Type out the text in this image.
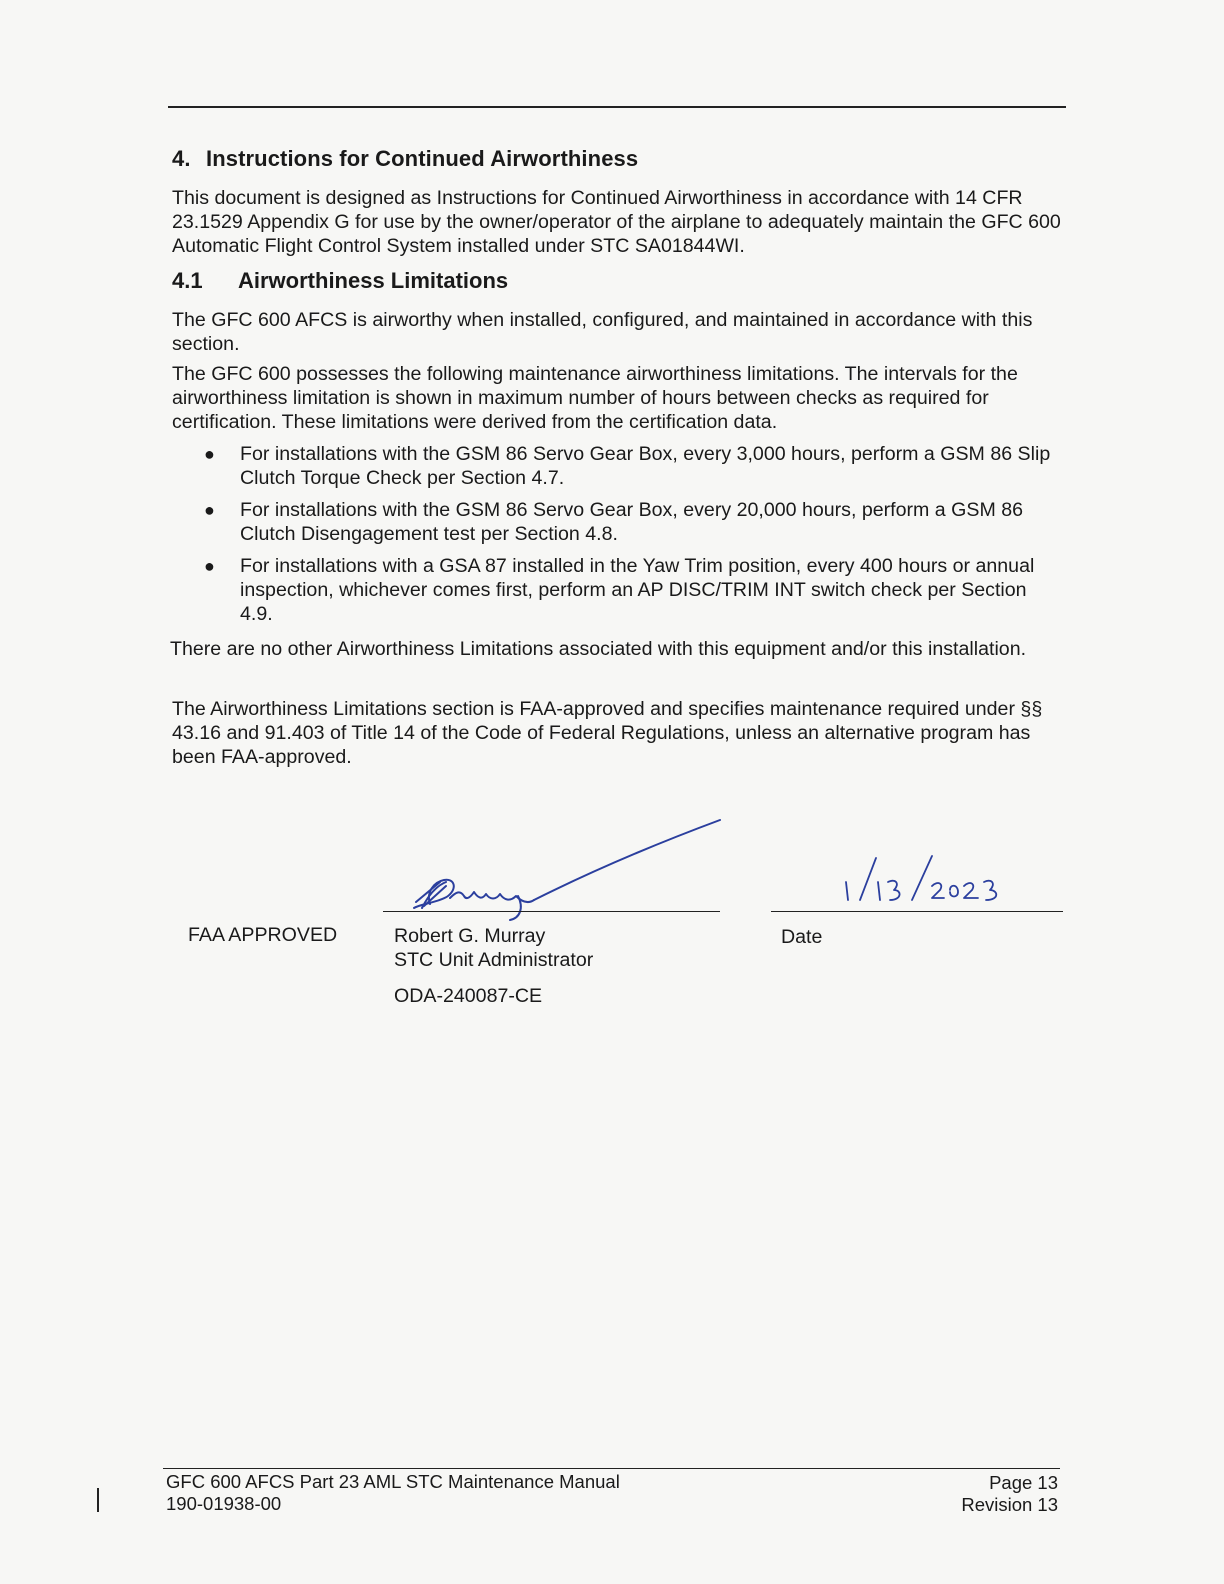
4. Instructions for Continued Airworthiness
This document is designed as Instructions for Continued Airworthiness in accordance with 14 CFR 23.1529 Appendix G for use by the owner/operator of the airplane to adequately maintain the GFC 600 Automatic Flight Control System installed under STC SA01844WI.
4.1 Airworthiness Limitations
The GFC 600 AFCS is airworthy when installed, configured, and maintained in accordance with this section.
The GFC 600 possesses the following maintenance airworthiness limitations. The intervals for the airworthiness limitation is shown in maximum number of hours between checks as required for certification. These limitations were derived from the certification data.
● For installations with the GSM 86 Servo Gear Box, every 3,000 hours, perform a GSM 86 Slip Clutch Torque Check per Section 4.7.
● For installations with the GSM 86 Servo Gear Box, every 20,000 hours, perform a GSM 86 Clutch Disengagement test per Section 4.8.
● For installations with a GSA 87 installed in the Yaw Trim position, every 400 hours or annual inspection, whichever comes first, perform an AP DISC/TRIM INT switch check per Section 4.9.
There are no other Airworthiness Limitations associated with this equipment and/or this installation.
The Airworthiness Limitations section is FAA-approved and specifies maintenance required under §§ 43.16 and 91.403 of Title 14 of the Code of Federal Regulations, unless an alternative program has been FAA-approved.
FAA APPROVED	Robert G. Murray
STC Unit Administrator
ODA-240087-CE
Date
GFC 600 AFCS Part 23 AML STC Maintenance Manual
190-01938-00
Page 13
Revision 13
